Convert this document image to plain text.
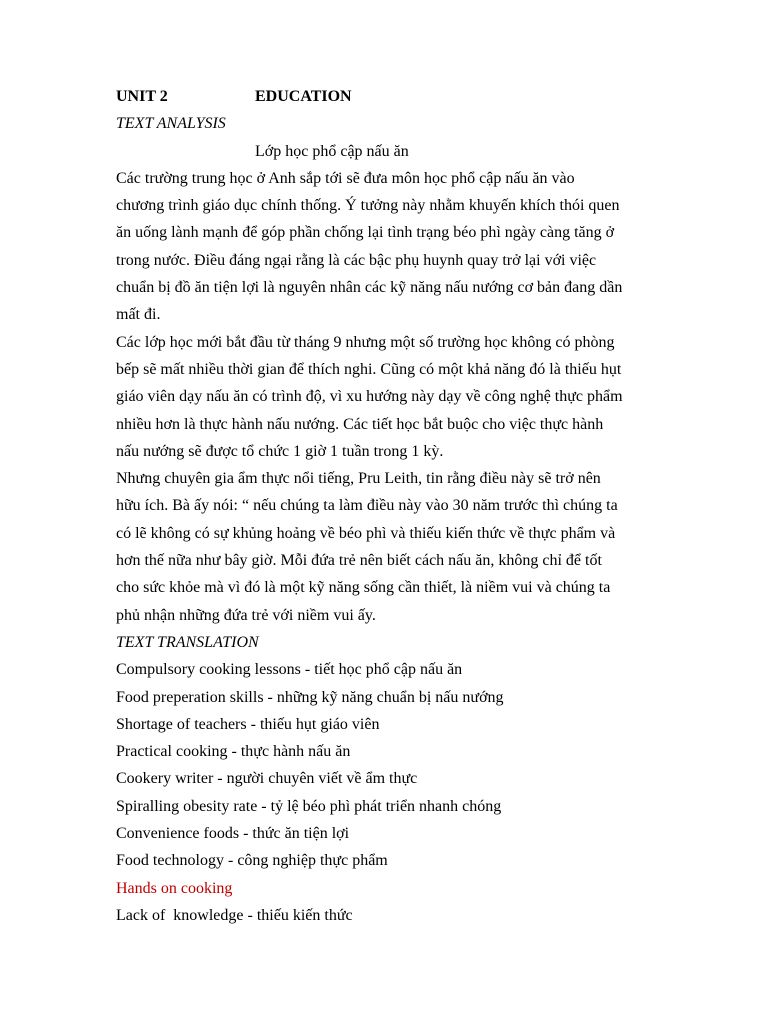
UNIT 2	EDUCATION

TEXT ANALYSIS

Lớp học phổ cập nấu ăn

Các trường trung học ở Anh sắp tới sẽ đưa môn học phổ cập nấu ăn vào

chương trình giáo dục chính thống. Ý tưởng này nhằm khuyến khích thói quen

ăn uống lành mạnh để góp phần chống lại tình trạng béo phì ngày càng tăng ở

trong nước. Điều đáng ngại rằng là các bậc phụ huynh quay trở lại với việc

chuẩn bị đồ ăn tiện lợi là nguyên nhân các kỹ năng nấu nướng cơ bản đang dần

mất đi.

Các lớp học mới bắt đầu từ tháng 9 nhưng một số trường học không có phòng

bếp sẽ mất nhiều thời gian để thích nghi. Cũng có một khả năng đó là thiếu hụt

giáo viên dạy nấu ăn có trình độ, vì xu hướng này dạy về công nghệ thực phẩm

nhiều hơn là thực hành nấu nướng. Các tiết học bắt buộc cho việc thực hành

nấu nướng sẽ được tổ chức 1 giờ 1 tuần trong 1 kỳ.

Nhưng chuyên gia ẩm thực nổi tiếng, Pru Leith, tin rằng điều này sẽ trở nên

hữu ích. Bà ấy nói: “ nếu chúng ta làm điều này vào 30 năm trước thì chúng ta

có lẽ không có sự khủng hoảng về béo phì và thiếu kiến thức về thực phẩm và

hơn thế nữa như bây giờ. Mỗi đứa trẻ nên biết cách nấu ăn, không chỉ để tốt

cho sức khỏe mà vì đó là một kỹ năng sống cần thiết, là niềm vui và chúng ta

phủ nhận những đứa trẻ với niềm vui ấy.

TEXT TRANSLATION

Compulsory cooking lessons - tiết học phổ cập nấu ăn

Food preperation skills - những kỹ năng chuẩn bị nấu nướng

Shortage of teachers - thiếu hụt giáo viên

Practical cooking - thực hành nấu ăn

Cookery writer - người chuyên viết về ẩm thực

Spiralling obesity rate - tỷ lệ béo phì phát triển nhanh chóng

Convenience foods - thức ăn tiện lợi

Food technology - công nghiệp thực phẩm

Hands on cooking

Lack of  knowledge - thiếu kiến thức
